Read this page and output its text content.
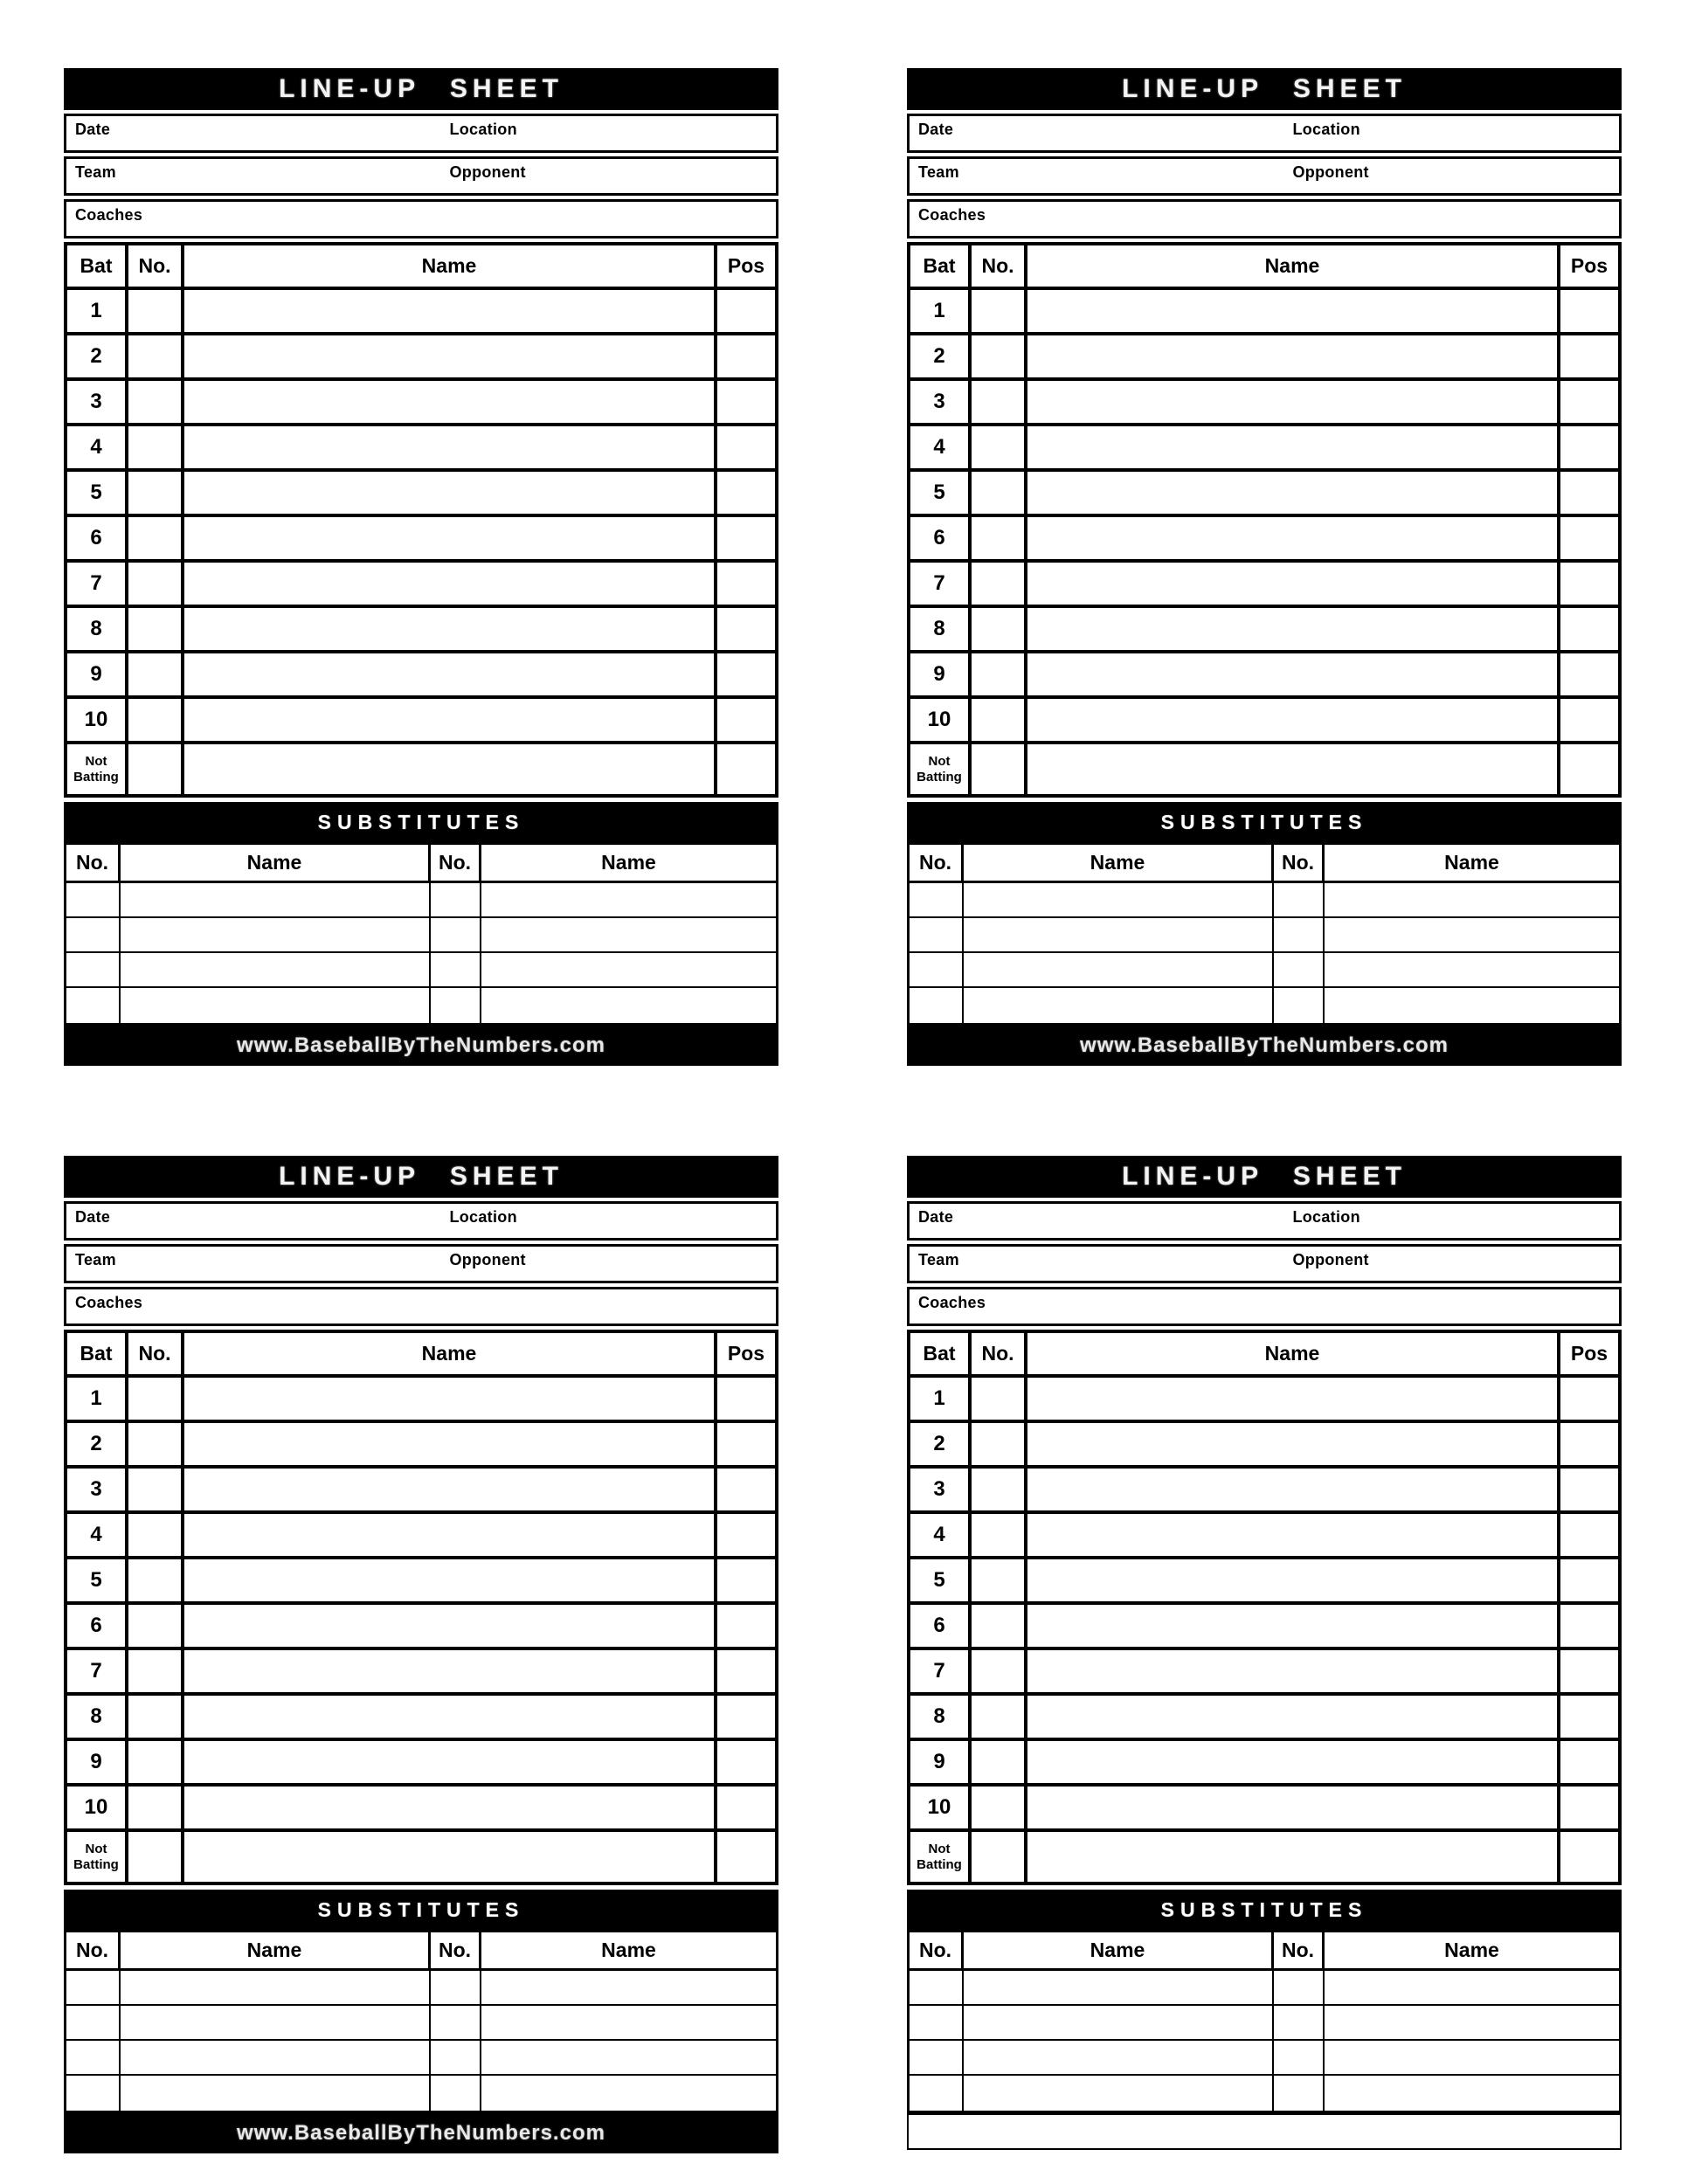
LINE-UP SHEET
Date	Location
Team	Opponent
Coaches
Bat	No.	Name	Pos
1
2
3
4
5
6
7
8
9
10
Not Batting
SUBSTITUTES
No.	Name	No.	Name
www.BaseballByTheNumbers.com
LINE-UP SHEET
Date	Location
Team	Opponent
Coaches
Bat	No.	Name	Pos
1
2
3
4
5
6
7
8
9
10
Not Batting
SUBSTITUTES
No.	Name	No.	Name
www.BaseballByTheNumbers.com
LINE-UP SHEET
Date	Location
Team	Opponent
Coaches
Bat	No.	Name	Pos
1
2
3
4
5
6
7
8
9
10
Not Batting
SUBSTITUTES
No.	Name	No.	Name
www.BaseballByTheNumbers.com
LINE-UP SHEET
Date	Location
Team	Opponent
Coaches
Bat	No.	Name	Pos
1
2
3
4
5
6
7
8
9
10
Not Batting
SUBSTITUTES
No.	Name	No.	Name
